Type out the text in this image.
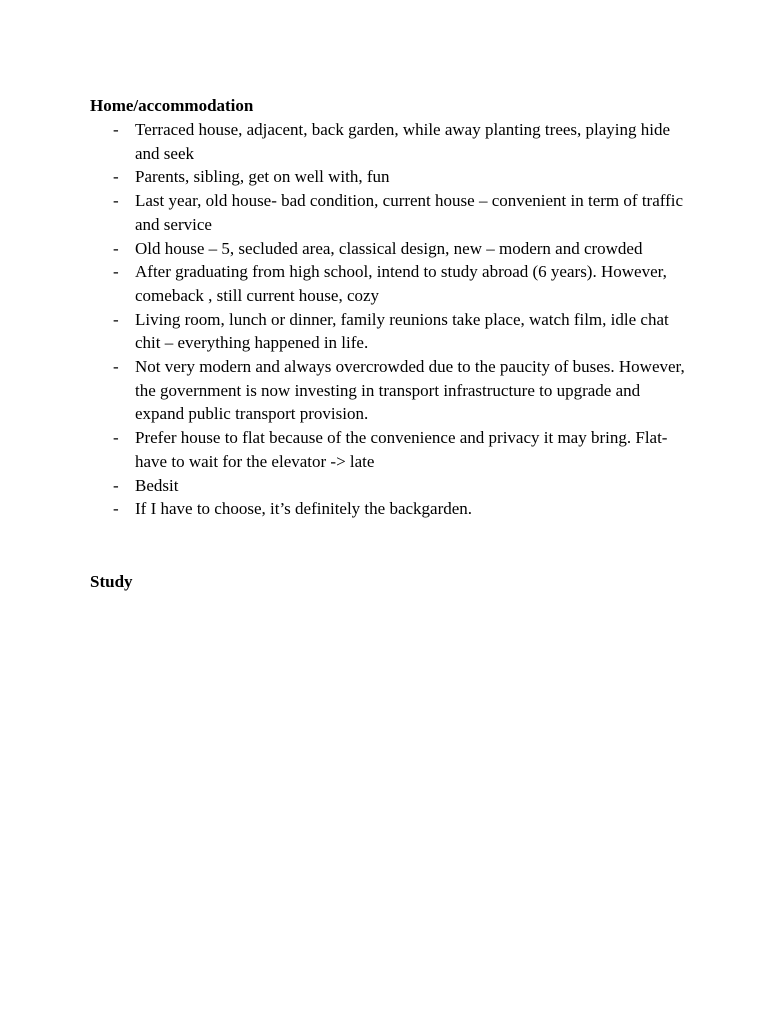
Home/accommodation
- Terraced house, adjacent, back garden, while away planting trees, playing hide and seek
- Parents, sibling, get on well with, fun
- Last year, old house- bad condition, current house – convenient in term of traffic and service
- Old house – 5, secluded area, classical design, new – modern and crowded
- After graduating from high school, intend to study abroad (6 years). However, comeback , still current house, cozy
- Living room, lunch or dinner, family reunions take place, watch film, idle chat chit – everything happened in life.
- Not very modern and always overcrowded due to the paucity of buses. However, the government is now investing in transport infrastructure to upgrade and expand public transport provision.
- Prefer house to flat because of the convenience and privacy it may bring. Flat- have to wait for the elevator -> late
- Bedsit
- If I have to choose, it’s definitely the backgarden.
Study
